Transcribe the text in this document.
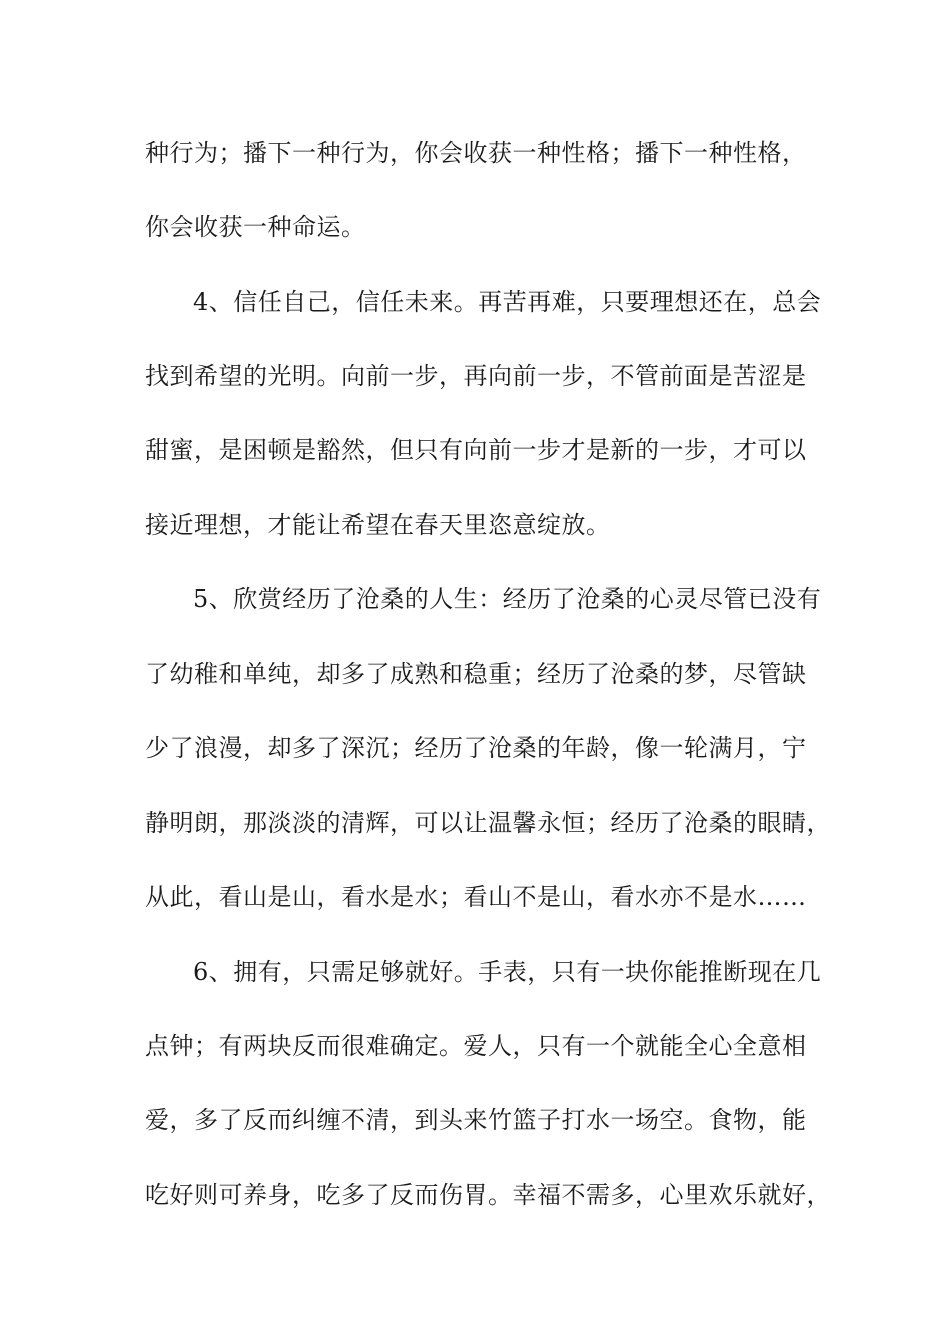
种行为；播下一种行为，你会收获一种性格；播下一种性格，
你会收获一种命运。
4、信任自己，信任未来。再苦再难，只要理想还在，总会
找到希望的光明。向前一步，再向前一步，不管前面是苦涩是
甜蜜，是困顿是豁然，但只有向前一步才是新的一步，才可以
接近理想，才能让希望在春天里恣意绽放。
5、欣赏经历了沧桑的人生：经历了沧桑的心灵尽管已没有
了幼稚和单纯，却多了成熟和稳重；经历了沧桑的梦，尽管缺
少了浪漫，却多了深沉；经历了沧桑的年龄，像一轮满月，宁
静明朗，那淡淡的清辉，可以让温馨永恒；经历了沧桑的眼睛，
从此，看山是山，看水是水；看山不是山，看水亦不是水……
6、拥有，只需足够就好。手表，只有一块你能推断现在几
点钟；有两块反而很难确定。爱人，只有一个就能全心全意相
爱，多了反而纠缠不清，到头来竹篮子打水一场空。食物，能
吃好则可养身，吃多了反而伤胃。幸福不需多，心里欢乐就好，
